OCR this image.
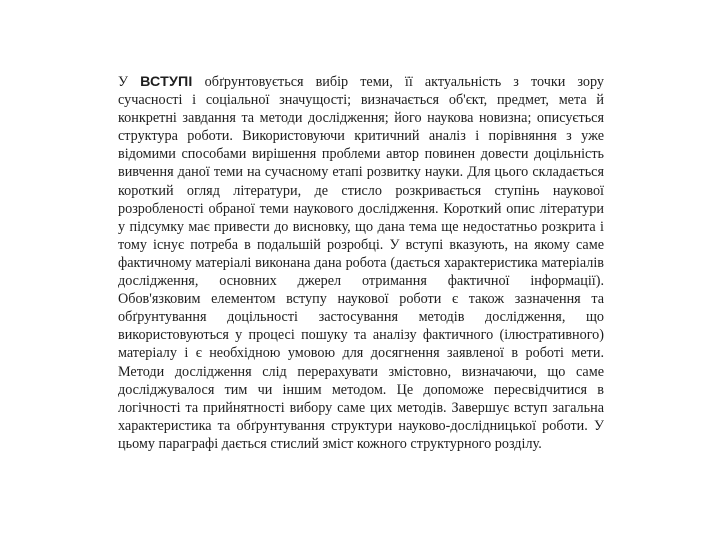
У ВСТУПІ обґрунтовується вибір теми, її актуальність з точки зору
сучасності і соціальної значущості; визначається об'єкт, предмет, мета й
конкретні завдання та методи дослідження; його наукова новизна; описується
структура роботи. Використовуючи критичний аналіз і порівняння з уже
відомими способами вирішення проблеми автор повинен довести доцільність
вивчення даної теми на сучасному етапі розвитку науки. Для цього складається
короткий огляд літератури, де стисло розкривається ступінь наукової
розробленості обраної теми наукового дослідження. Короткий опис літератури
у підсумку має привести до висновку, що дана тема ще недостатньо розкрита і
тому існує потреба в подальшій розробці. У вступі вказують, на якому саме
фактичному матеріалі виконана дана робота (дається характеристика матеріалів
дослідження, основних джерел отримання фактичної інформації).
Обов'язковим елементом вступу наукової роботи є також зазначення та
обґрунтування доцільності застосування методів дослідження, що
використовуються у процесі пошуку та аналізу фактичного (ілюстративного)
матеріалу і є необхідною умовою для досягнення заявленої в роботі мети.
Методи дослідження слід перерахувати змістовно, визначаючи, що саме
досліджувалося тим чи іншим методом. Це допоможе пересвідчитися в
логічності та прийнятності вибору саме цих методів. Завершує вступ загальна
характеристика та обґрунтування структури науково-дослідницької роботи. У
цьому параграфі дається стислий зміст кожного структурного розділу.
